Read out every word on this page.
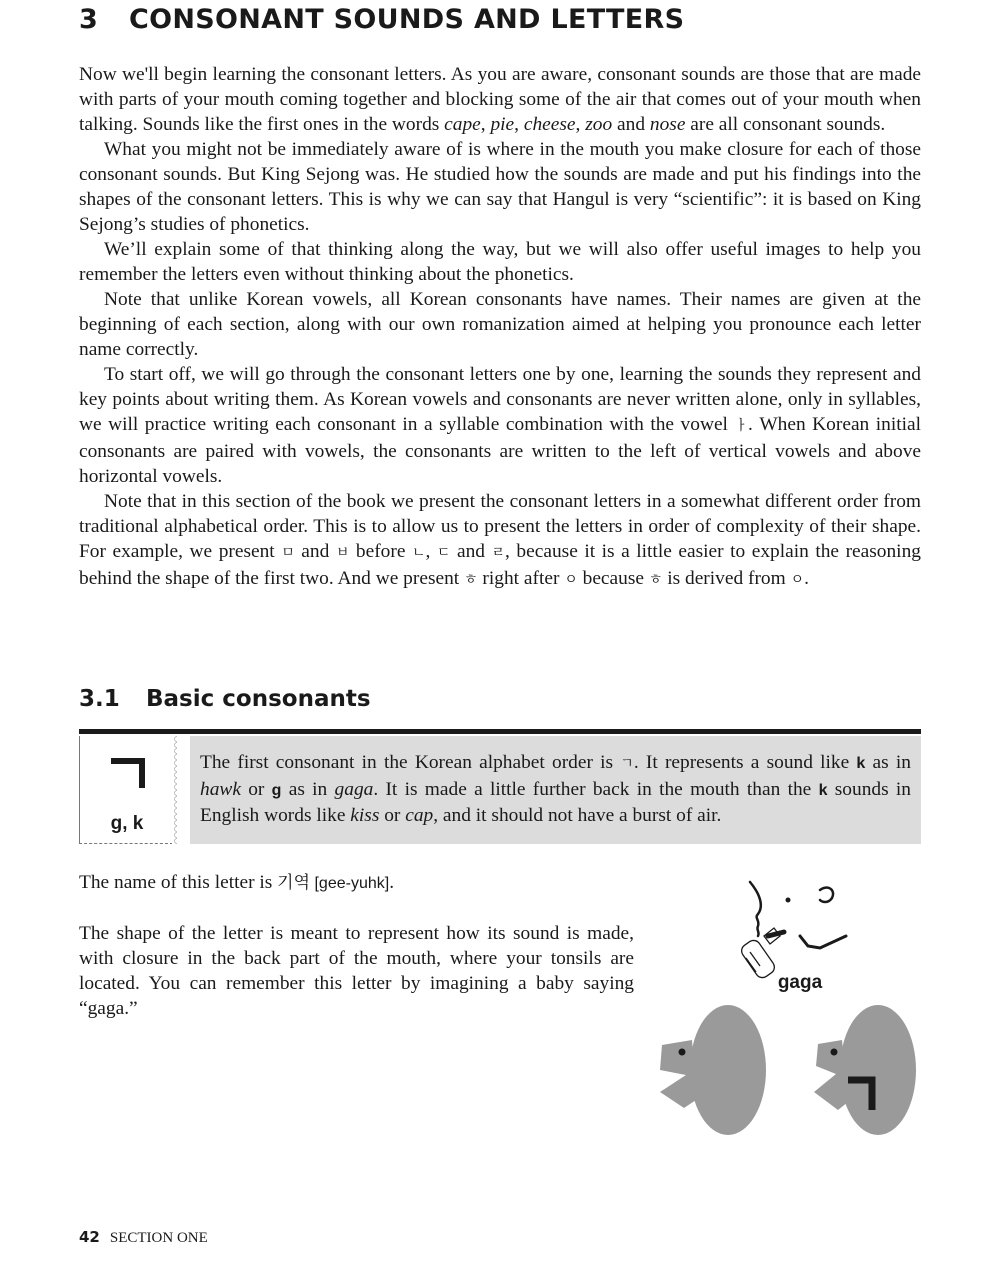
3 CONSONANT SOUNDS AND LETTERS

Now we'll begin learning the consonant letters. As you are aware, consonant sounds are those that are made with parts of your mouth coming together and blocking some of the air that comes out of your mouth when talking. Sounds like the first ones in the words cape, pie, cheese, zoo and nose are all consonant sounds.

What you might not be immediately aware of is where in the mouth you make closure for each of those consonant sounds. But King Sejong was. He studied how the sounds are made and put his findings into the shapes of the consonant letters. This is why we can say that Hangul is very “scientific”: it is based on King Sejong’s studies of phonetics.

We’ll explain some of that thinking along the way, but we will also offer useful images to help you remember the letters even without thinking about the phonetics.

Note that unlike Korean vowels, all Korean consonants have names. Their names are given at the beginning of each section, along with our own romanization aimed at helping you pronounce each letter name correctly.

To start off, we will go through the consonant letters one by one, learning the sounds they represent and key points about writing them. As Korean vowels and consonants are never written alone, only in syllables, we will practice writing each consonant in a syllable combination with the vowel ㅏ. When Korean initial consonants are paired with vowels, the consonants are written to the left of vertical vowels and above horizontal vowels.

Note that in this section of the book we present the consonant letters in a somewhat different order from traditional alphabetical order. This is to allow us to present the letters in order of complexity of their shape. For example, we present ㅁ and ㅂ before ㄴ, ㄷ and ㄹ, because it is a little easier to explain the reasoning behind the shape of the first two. And we present ㅎ right after ㅇ because ㅎ is derived from ㅇ.

3.1 Basic consonants
g, k

The first consonant in the Korean alphabet order is ㄱ. It represents a sound like k as in hawk or g as in gaga. It is made a little further back in the mouth than the k sounds in English words like kiss or cap, and it should not have a burst of air.

The name of this letter is 기역 [gee-yuhk].

The shape of the letter is meant to represent how its sound is made, with closure in the back part of the mouth, where your tonsils are located. You can remember this letter by imagining a baby saying “gaga.”

gaga
42 SECTION ONE
